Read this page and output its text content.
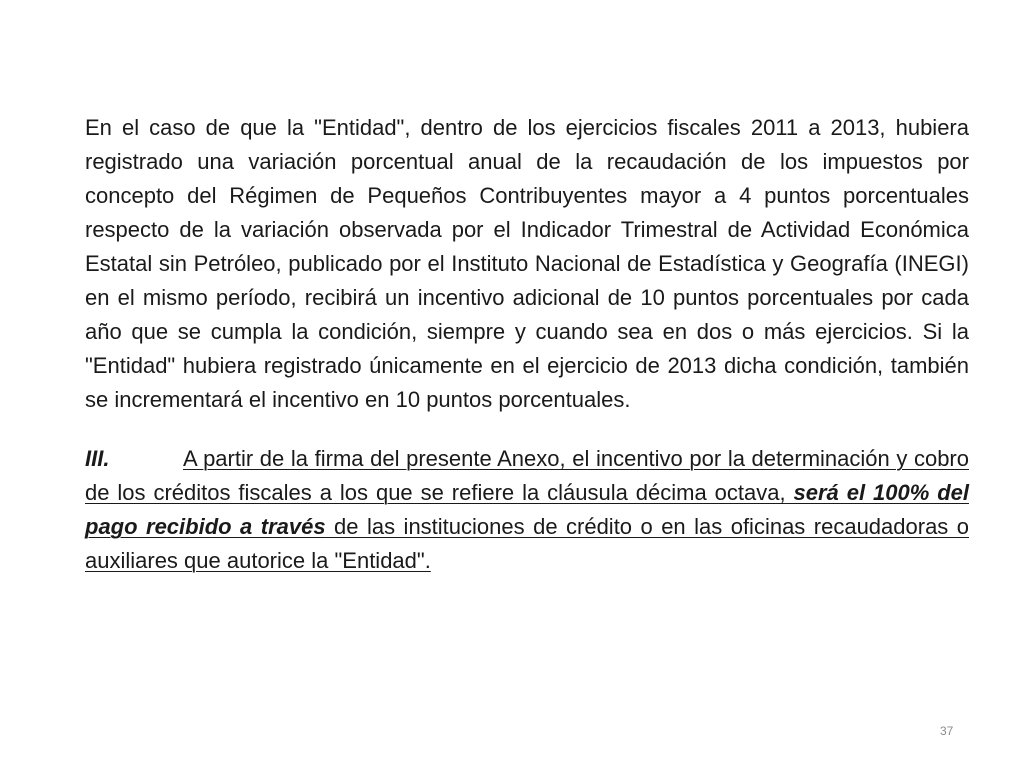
En el caso de que la "Entidad", dentro de los ejercicios fiscales 2011 a 2013, hubiera registrado una variación porcentual anual de la recaudación de los impuestos por concepto del Régimen de Pequeños Contribuyentes mayor a 4 puntos porcentuales respecto de la variación observada por el Indicador Trimestral de Actividad Económica Estatal sin Petróleo, publicado por el Instituto Nacional de Estadística y Geografía (INEGI) en el mismo período, recibirá un incentivo adicional de 10 puntos porcentuales por cada año que se cumpla la condición, siempre y cuando sea en dos o más ejercicios. Si la "Entidad" hubiera registrado únicamente en el ejercicio de 2013 dicha condición, también se incrementará el incentivo en 10 puntos porcentuales.

III.	A partir de la firma del presente Anexo, el incentivo por la determinación y cobro de los créditos fiscales a los que se refiere la cláusula décima octava, será el 100% del pago recibido a través de las instituciones de crédito o en las oficinas recaudadoras o auxiliares que autorice la "Entidad".

37
